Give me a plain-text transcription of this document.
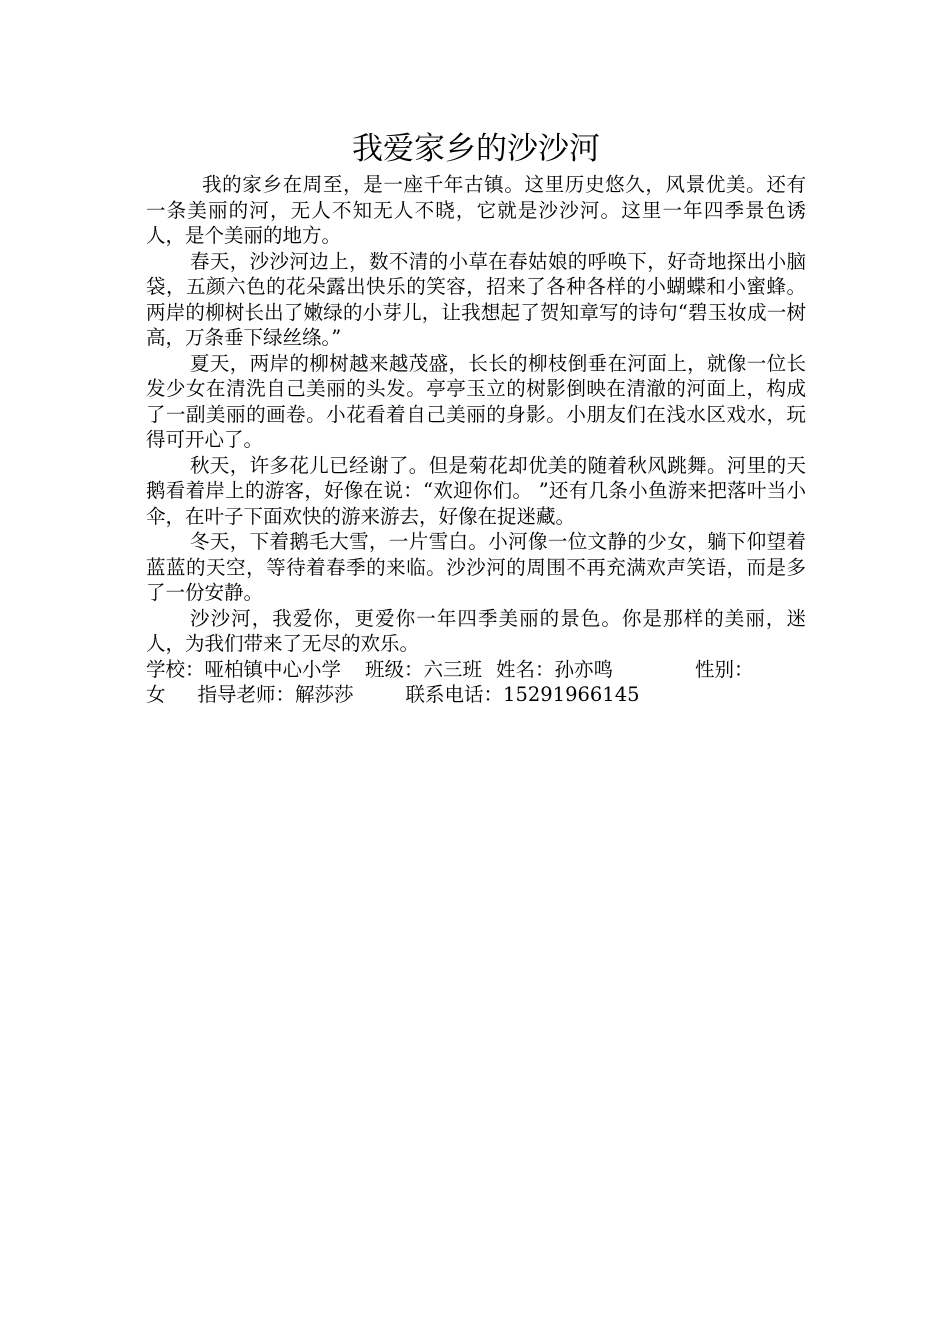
我爱家乡的沙沙河

我的家乡在周至，是一座千年古镇。这里历史悠久，风景优美。还有一条美丽的河，无人不知无人不晓，它就是沙沙河。这里一年四季景色诱人，是个美丽的地方。

春天，沙沙河边上，数不清的小草在春姑娘的呼唤下，好奇地探出小脑袋，五颜六色的花朵露出快乐的笑容，招来了各种各样的小蝴蝶和小蜜蜂。两岸的柳树长出了嫩绿的小芽儿，让我想起了贺知章写的诗句“碧玉妆成一树高，万条垂下绿丝绦。”

夏天，两岸的柳树越来越茂盛，长长的柳枝倒垂在河面上，就像一位长发少女在清洗自己美丽的头发。亭亭玉立的树影倒映在清澈的河面上，构成了一副美丽的画卷。小花看着自己美丽的身影。小朋友们在浅水区戏水，玩得可开心了。

秋天，许多花儿已经谢了。但是菊花却优美的随着秋风跳舞。河里的天鹅看着岸上的游客，好像在说：“欢迎你们。 ”还有几条小鱼游来把落叶当小伞，在叶子下面欢快的游来游去，好像在捉迷藏。

冬天，下着鹅毛大雪，一片雪白。小河像一位文静的少女，躺下仰望着蓝蓝的天空，等待着春季的来临。沙沙河的周围不再充满欢声笑语，而是多了一份安静。

沙沙河，我爱你，更爱你一年四季美丽的景色。你是那样的美丽，迷人，为我们带来了无尽的欢乐。

学校：哑柏镇中心小学 班级：六三班 姓名：孙亦鸣	性别：
女 指导老师：解莎莎	联系电话：15291966145
